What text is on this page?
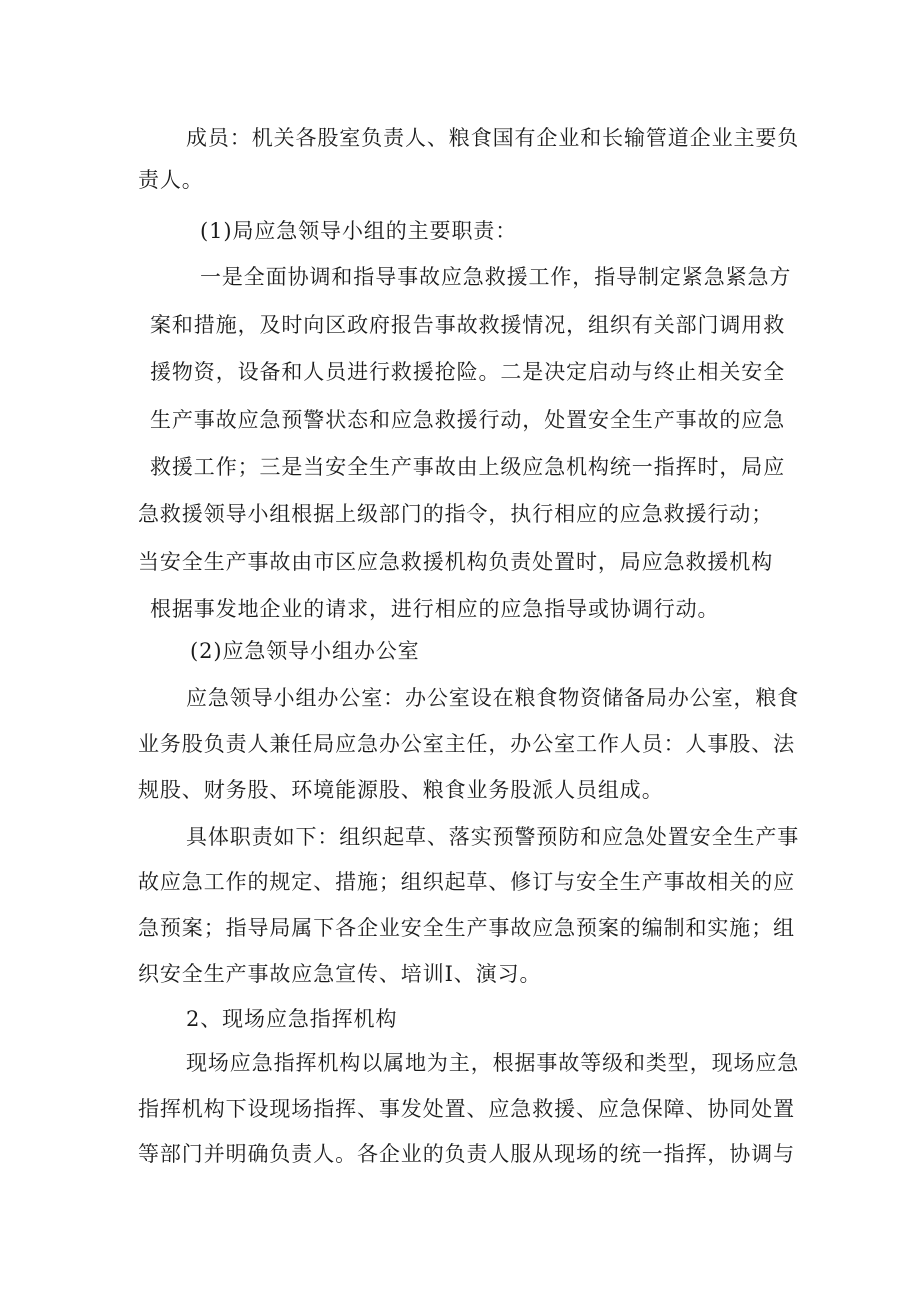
成员：机关各股室负责人、粮食国有企业和长输管道企业主要负
责人。
(1)局应急领导小组的主要职责：
一是全面协调和指导事故应急救援工作，指导制定紧急紧急方
案和措施，及时向区政府报告事故救援情况，组织有关部门调用救
援物资，设备和人员进行救援抢险。二是决定启动与终止相关安全
生产事故应急预警状态和应急救援行动，处置安全生产事故的应急
救援工作；三是当安全生产事故由上级应急机构统一指挥时，局应
急救援领导小组根据上级部门的指令，执行相应的应急救援行动；
当安全生产事故由市区应急救援机构负责处置时，局应急救援机构
根据事发地企业的请求，进行相应的应急指导或协调行动。
(2)应急领导小组办公室
应急领导小组办公室：办公室设在粮食物资储备局办公室，粮食
业务股负责人兼任局应急办公室主任，办公室工作人员：人事股、法
规股、财务股、环境能源股、粮食业务股派人员组成。
具体职责如下：组织起草、落实预警预防和应急处置安全生产事
故应急工作的规定、措施；组织起草、修订与安全生产事故相关的应
急预案；指导局属下各企业安全生产事故应急预案的编制和实施；组
织安全生产事故应急宣传、培训Ⅰ、演习。
2、现场应急指挥机构
现场应急指挥机构以属地为主，根据事故等级和类型，现场应急
指挥机构下设现场指挥、事发处置、应急救援、应急保障、协同处置
等部门并明确负责人。各企业的负责人服从现场的统一指挥，协调与
